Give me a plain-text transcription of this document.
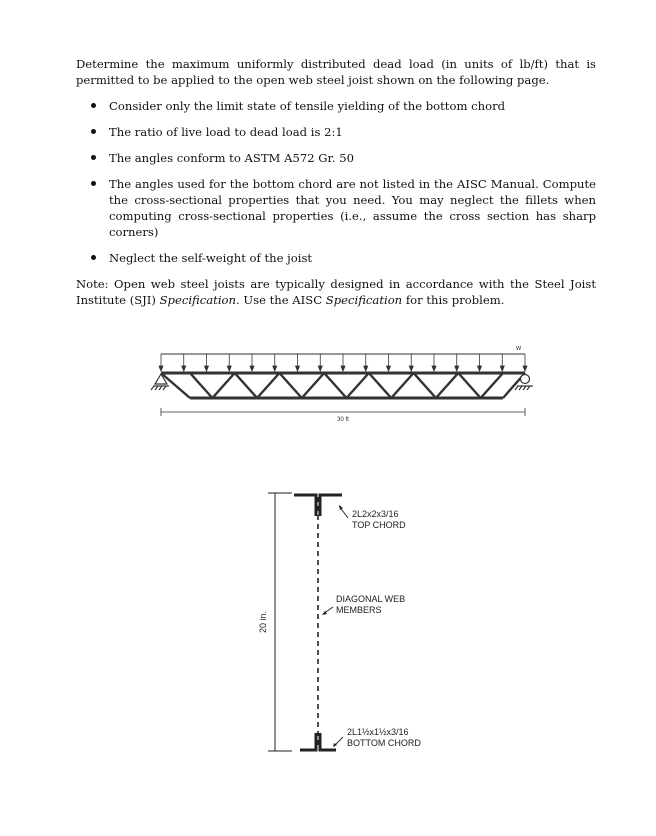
Determine the maximum uniformly distributed dead load (in units of lb/ft) that is permitted to be applied to the open web steel joist shown on the following page.

Consider only the limit state of tensile yielding of the bottom chord
The ratio of live load to dead load is 2:1
The angles conform to ASTM A572 Gr. 50
The angles used for the bottom chord are not listed in the AISC Manual. Compute the cross-sectional properties that you need. You may neglect the fillets when computing cross-sectional properties (i.e., assume the cross section has sharp corners)
Neglect the self-weight of the joist

Note: Open web steel joists are typically designed in accordance with the Steel Joist Institute (SJI) Specification. Use the AISC Specification for this problem.

w
30 ft
20 in.
2L2x2x3/16
TOP CHORD
DIAGONAL WEB
MEMBERS
2L1½x1½x3/16
BOTTOM CHORD
